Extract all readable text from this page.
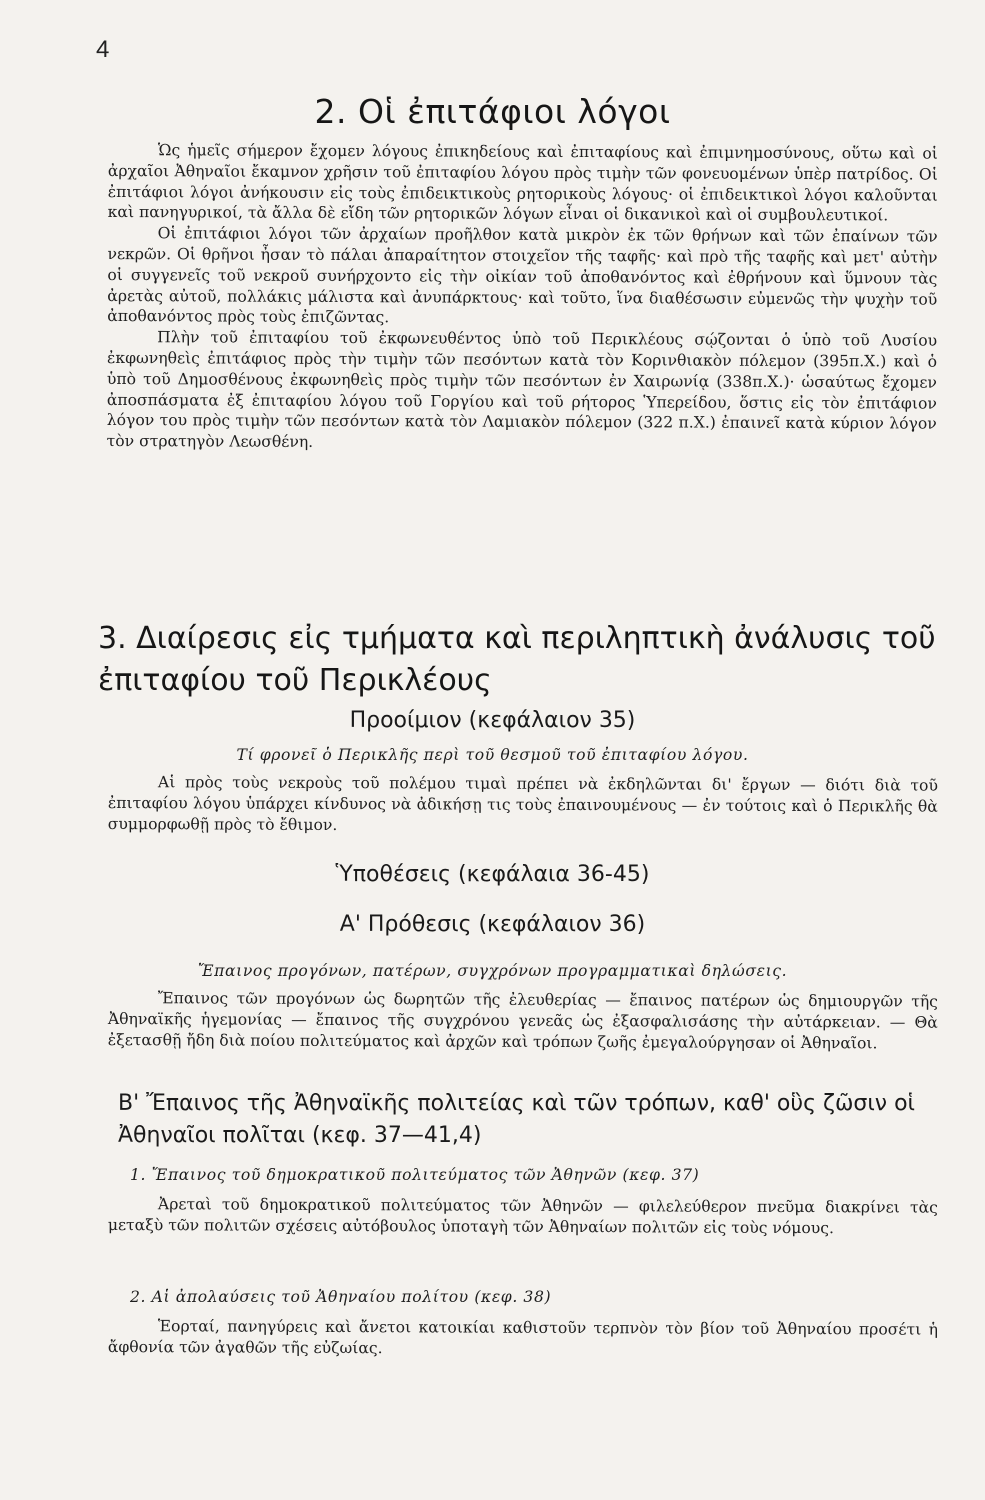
4
2. Οἱ ἐπιτάφιοι λόγοι

Ὡς ἡμεῖς σήμερον ἔχομεν λόγους ἐπικηδείους καὶ ἐπιταφίους καὶ ἐπιμνημοσύνους, οὕτω καὶ οἱ ἀρχαῖοι Ἀθηναῖοι ἔκαμνον χρῆσιν τοῦ ἐπιταφίου λόγου πρὸς τιμὴν τῶν φονευομένων ὑπὲρ πατρίδος. Οἱ ἐπιτάφιοι λόγοι ἀνήκουσιν εἰς τοὺς ἐπιδεικτικοὺς ρητορικοὺς λόγους· οἱ ἐπιδεικτικοὶ λόγοι καλοῦνται καὶ πανηγυρικοί, τὰ ἄλλα δὲ εἴδη τῶν ρητορικῶν λόγων εἶναι οἱ δικανικοὶ καὶ οἱ συμβουλευτικοί.

Οἱ ἐπιτάφιοι λόγοι τῶν ἀρχαίων προῆλθον κατὰ μικρὸν ἐκ τῶν θρήνων καὶ τῶν ἐπαίνων τῶν νεκρῶν. Οἱ θρῆνοι ἦσαν τὸ πάλαι ἀπαραίτητον στοιχεῖον τῆς ταφῆς· καὶ πρὸ τῆς ταφῆς καὶ μετ' αὐτὴν οἱ συγγενεῖς τοῦ νεκροῦ συνήρχοντο εἰς τὴν οἰκίαν τοῦ ἀποθανόντος καὶ ἐθρήνουν καὶ ὕμνουν τὰς ἀρετὰς αὐτοῦ, πολλάκις μάλιστα καὶ ἀνυπάρκτους· καὶ τοῦτο, ἵνα διαθέσωσιν εὐμενῶς τὴν ψυχὴν τοῦ ἀποθανόντος πρὸς τοὺς ἐπιζῶντας.

Πλὴν τοῦ ἐπιταφίου τοῦ ἐκφωνευθέντος ὑπὸ τοῦ Περικλέους σῴζονται ὁ ὑπὸ τοῦ Λυσίου ἐκφωνηθεὶς ἐπιτάφιος πρὸς τὴν τιμὴν τῶν πεσόντων κατὰ τὸν Κορινθιακὸν πόλεμον (395π.Χ.) καὶ ὁ ὑπὸ τοῦ Δημοσθένους ἐκφωνηθεὶς πρὸς τιμὴν τῶν πεσόντων ἐν Χαιρωνίᾳ (338π.Χ.)· ὡσαύτως ἔχομεν ἀποσπάσματα ἐξ ἐπιταφίου λόγου τοῦ Γοργίου καὶ τοῦ ρήτορος Ὑπερείδου, ὅστις εἰς τὸν ἐπιτάφιον λόγον του πρὸς τιμὴν τῶν πεσόντων κατὰ τὸν Λαμιακὸν πόλεμον (322 π.Χ.) ἐπαινεῖ κατὰ κύριον λόγον τὸν στρατηγὸν Λεωσθένη.

3. Διαίρεσις εἰς τμήματα καὶ περιληπτικὴ ἀνάλυσις τοῦ ἐπιταφίου τοῦ Περικλέους
Προοίμιον (κεφάλαιον 35)
Τί φρονεῖ ὁ Περικλῆς περὶ τοῦ θεσμοῦ τοῦ ἐπιταφίου λόγου.

Αἱ πρὸς τοὺς νεκροὺς τοῦ πολέμου τιμαὶ πρέπει νὰ ἐκδηλῶνται δι' ἔργων — διότι διὰ τοῦ ἐπιταφίου λόγου ὑπάρχει κίνδυνος νὰ ἀδικήσῃ τις τοὺς ἐπαινουμένους — ἐν τούτοις καὶ ὁ Περικλῆς θὰ συμμορφωθῇ πρὸς τὸ ἔθιμον.

Ὑποθέσεις (κεφάλαια 36-45)
Α' Πρόθεσις (κεφάλαιον 36)
Ἔπαινος προγόνων, πατέρων, συγχρόνων προγραμματικαὶ δηλώσεις.

Ἔπαινος τῶν προγόνων ὡς δωρητῶν τῆς ἐλευθερίας — ἔπαινος πατέρων ὡς δημιουργῶν τῆς Ἀθηναϊκῆς ἡγεμονίας — ἔπαινος τῆς συγχρόνου γενεᾶς ὡς ἐξασφαλισάσης τὴν αὐτάρκειαν. — Θὰ ἐξετασθῇ ἤδη διὰ ποίου πολιτεύματος καὶ ἀρχῶν καὶ τρόπων ζωῆς ἐμεγαλούργησαν οἱ Ἀθηναῖοι.

Β' Ἔπαινος τῆς Ἀθηναϊκῆς πολιτείας καὶ τῶν τρόπων, καθ' οὓς ζῶσιν οἱ Ἀθηναῖοι πολῖται (κεφ. 37—41,4)
1. Ἔπαινος τοῦ δημοκρατικοῦ πολιτεύματος τῶν Ἀθηνῶν (κεφ. 37)

Ἀρεταὶ τοῦ δημοκρατικοῦ πολιτεύματος τῶν Ἀθηνῶν — φιλελεύθερον πνεῦμα διακρίνει τὰς μεταξὺ τῶν πολιτῶν σχέσεις αὐτόβουλος ὑποταγὴ τῶν Ἀθηναίων πολιτῶν εἰς τοὺς νόμους.

2. Αἱ ἀπολαύσεις τοῦ Ἀθηναίου πολίτου (κεφ. 38)

Ἑορταί, πανηγύρεις καὶ ἄνετοι κατοικίαι καθιστοῦν τερπνὸν τὸν βίον τοῦ Ἀθηναίου προσέτι ἡ ἄφθονία τῶν ἀγαθῶν τῆς εὐζωίας.
